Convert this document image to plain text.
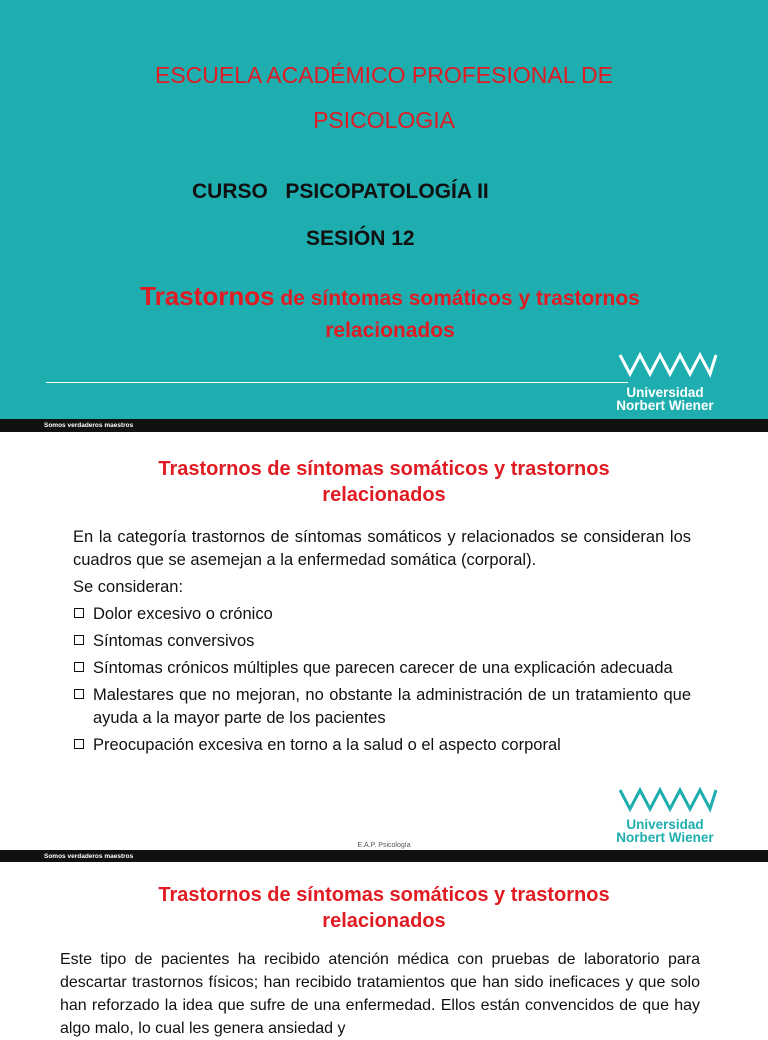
ESCUELA ACADÉMICO PROFESIONAL DE
PSICOLOGIA
CURSO   PSICOPATOLOGÍA II
SESIÓN 12
Trastornos de síntomas somáticos y trastornos
relacionados
Universidad
Norbert Wiener
Somos verdaderos maestros
Trastornos de síntomas somáticos y trastornos
relacionados

En la categoría trastornos de síntomas somáticos y relacionados se consideran los cuadros que se asemejan a la enfermedad somática (corporal).

Se consideran:

Dolor excesivo o crónico
Síntomas conversivos
Síntomas crónicos múltiples que parecen carecer de una explicación adecuada
Malestares que no mejoran, no obstante la administración de un tratamiento que ayuda a la mayor parte de los pacientes
Preocupación excesiva en torno a la salud o el aspecto corporal
Universidad
Norbert Wiener
E.A.P. Psicología
Somos verdaderos maestros
Trastornos de síntomas somáticos y trastornos
relacionados
Este tipo de pacientes ha recibido atención médica con pruebas de laboratorio para descartar trastornos físicos; han recibido tratamientos que han sido ineficaces y que solo han reforzado la idea que sufre de una enfermedad. Ellos están convencidos de que hay algo malo, lo cual les genera ansiedad y
